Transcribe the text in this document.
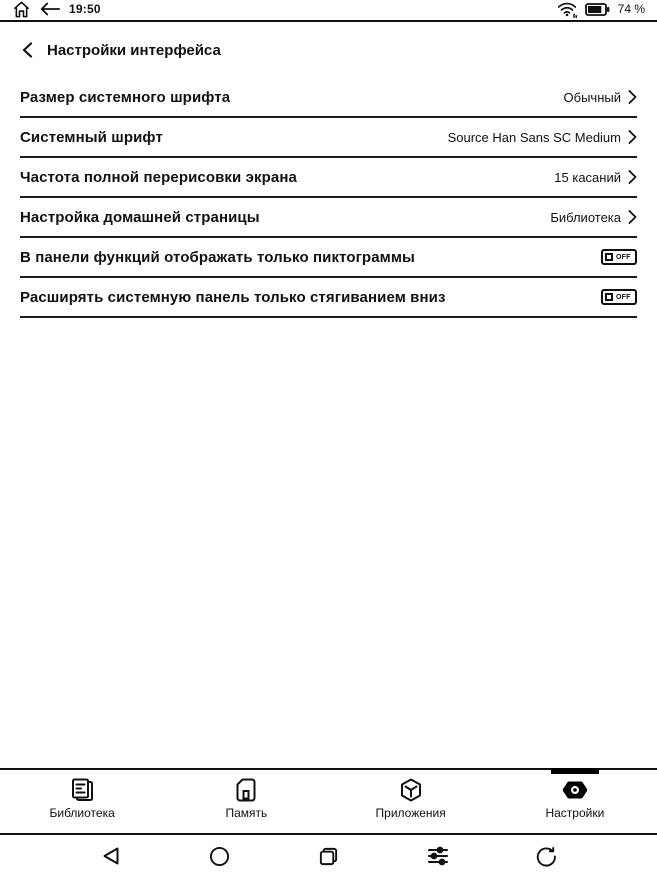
19:50	74 %
Настройки интерфейса
Размер системного шрифта	Обычный
Системный шрифт	Source Han Sans SC Medium
Частота полной перерисовки экрана	15 касаний
Настройка домашней страницы	Библиотека
В панели функций отображать только пиктограммы	OFF
Расширять системную панель только стягиванием вниз	OFF
Библиотека	Память	Приложения	Настройки
